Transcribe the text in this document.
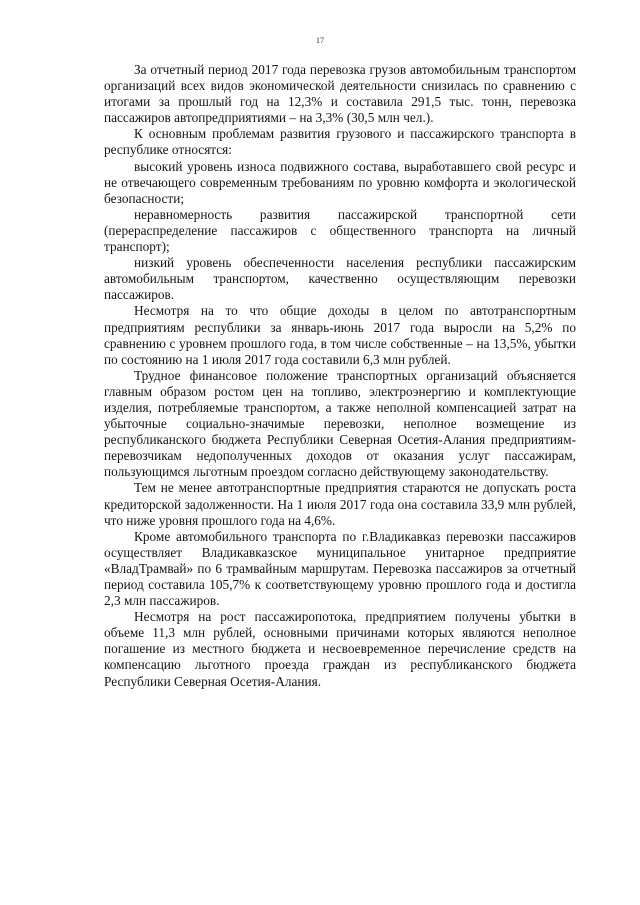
17

За отчетный период 2017 года перевозка грузов автомобильным транспортом организаций всех видов экономической деятельности снизилась по сравнению с итогами за прошлый год на 12,3% и составила 291,5 тыс. тонн, перевозка пассажиров автопредприятиями – на 3,3% (30,5 млн чел.).

К основным проблемам развития грузового и пассажирского транспорта в республике относятся:

высокий уровень износа подвижного состава, выработавшего свой ресурс и не отвечающего современным требованиям по уровню комфорта и экологической безопасности;

неравномерность развития пассажирской транспортной сети (перераспределение пассажиров с общественного транспорта на личный транспорт);

низкий уровень обеспеченности населения республики пассажирским автомобильным транспортом, качественно осуществляющим перевозки пассажиров.

Несмотря на то что общие доходы в целом по автотранспортным предприятиям республики за январь-июнь 2017 года выросли на 5,2% по сравнению с уровнем прошлого года, в том числе собственные – на 13,5%, убытки по состоянию на 1 июля 2017 года составили 6,3 млн рублей.

Трудное финансовое положение транспортных организаций объясняется главным образом ростом цен на топливо, электроэнергию и комплектующие изделия, потребляемые транспортом, а также неполной компенсацией затрат на убыточные социально-значимые перевозки, неполное возмещение из республиканского бюджета Республики Северная Осетия-Алания предприятиям-перевозчикам недополученных доходов от оказания услуг пассажирам, пользующимся льготным проездом согласно действующему законодательству.

Тем не менее автотранспортные предприятия стараются не допускать роста кредиторской задолженности. На 1 июля 2017 года она составила 33,9 млн рублей, что ниже уровня прошлого года на 4,6%.

Кроме автомобильного транспорта по г.Владикавказ перевозки пассажиров осуществляет Владикавказское муниципальное унитарное предприятие «ВладТрамвай» по 6 трамвайным маршрутам. Перевозка пассажиров за отчетный период составила 105,7% к соответствующему уровню прошлого года и достигла 2,3 млн пассажиров.

Несмотря на рост пассажиропотока, предприятием получены убытки в объеме 11,3 млн рублей, основными причинами которых являются неполное погашение из местного бюджета и несвоевременное перечисление средств на компенсацию льготного проезда граждан из республиканского бюджета Республики Северная Осетия-Алания.
